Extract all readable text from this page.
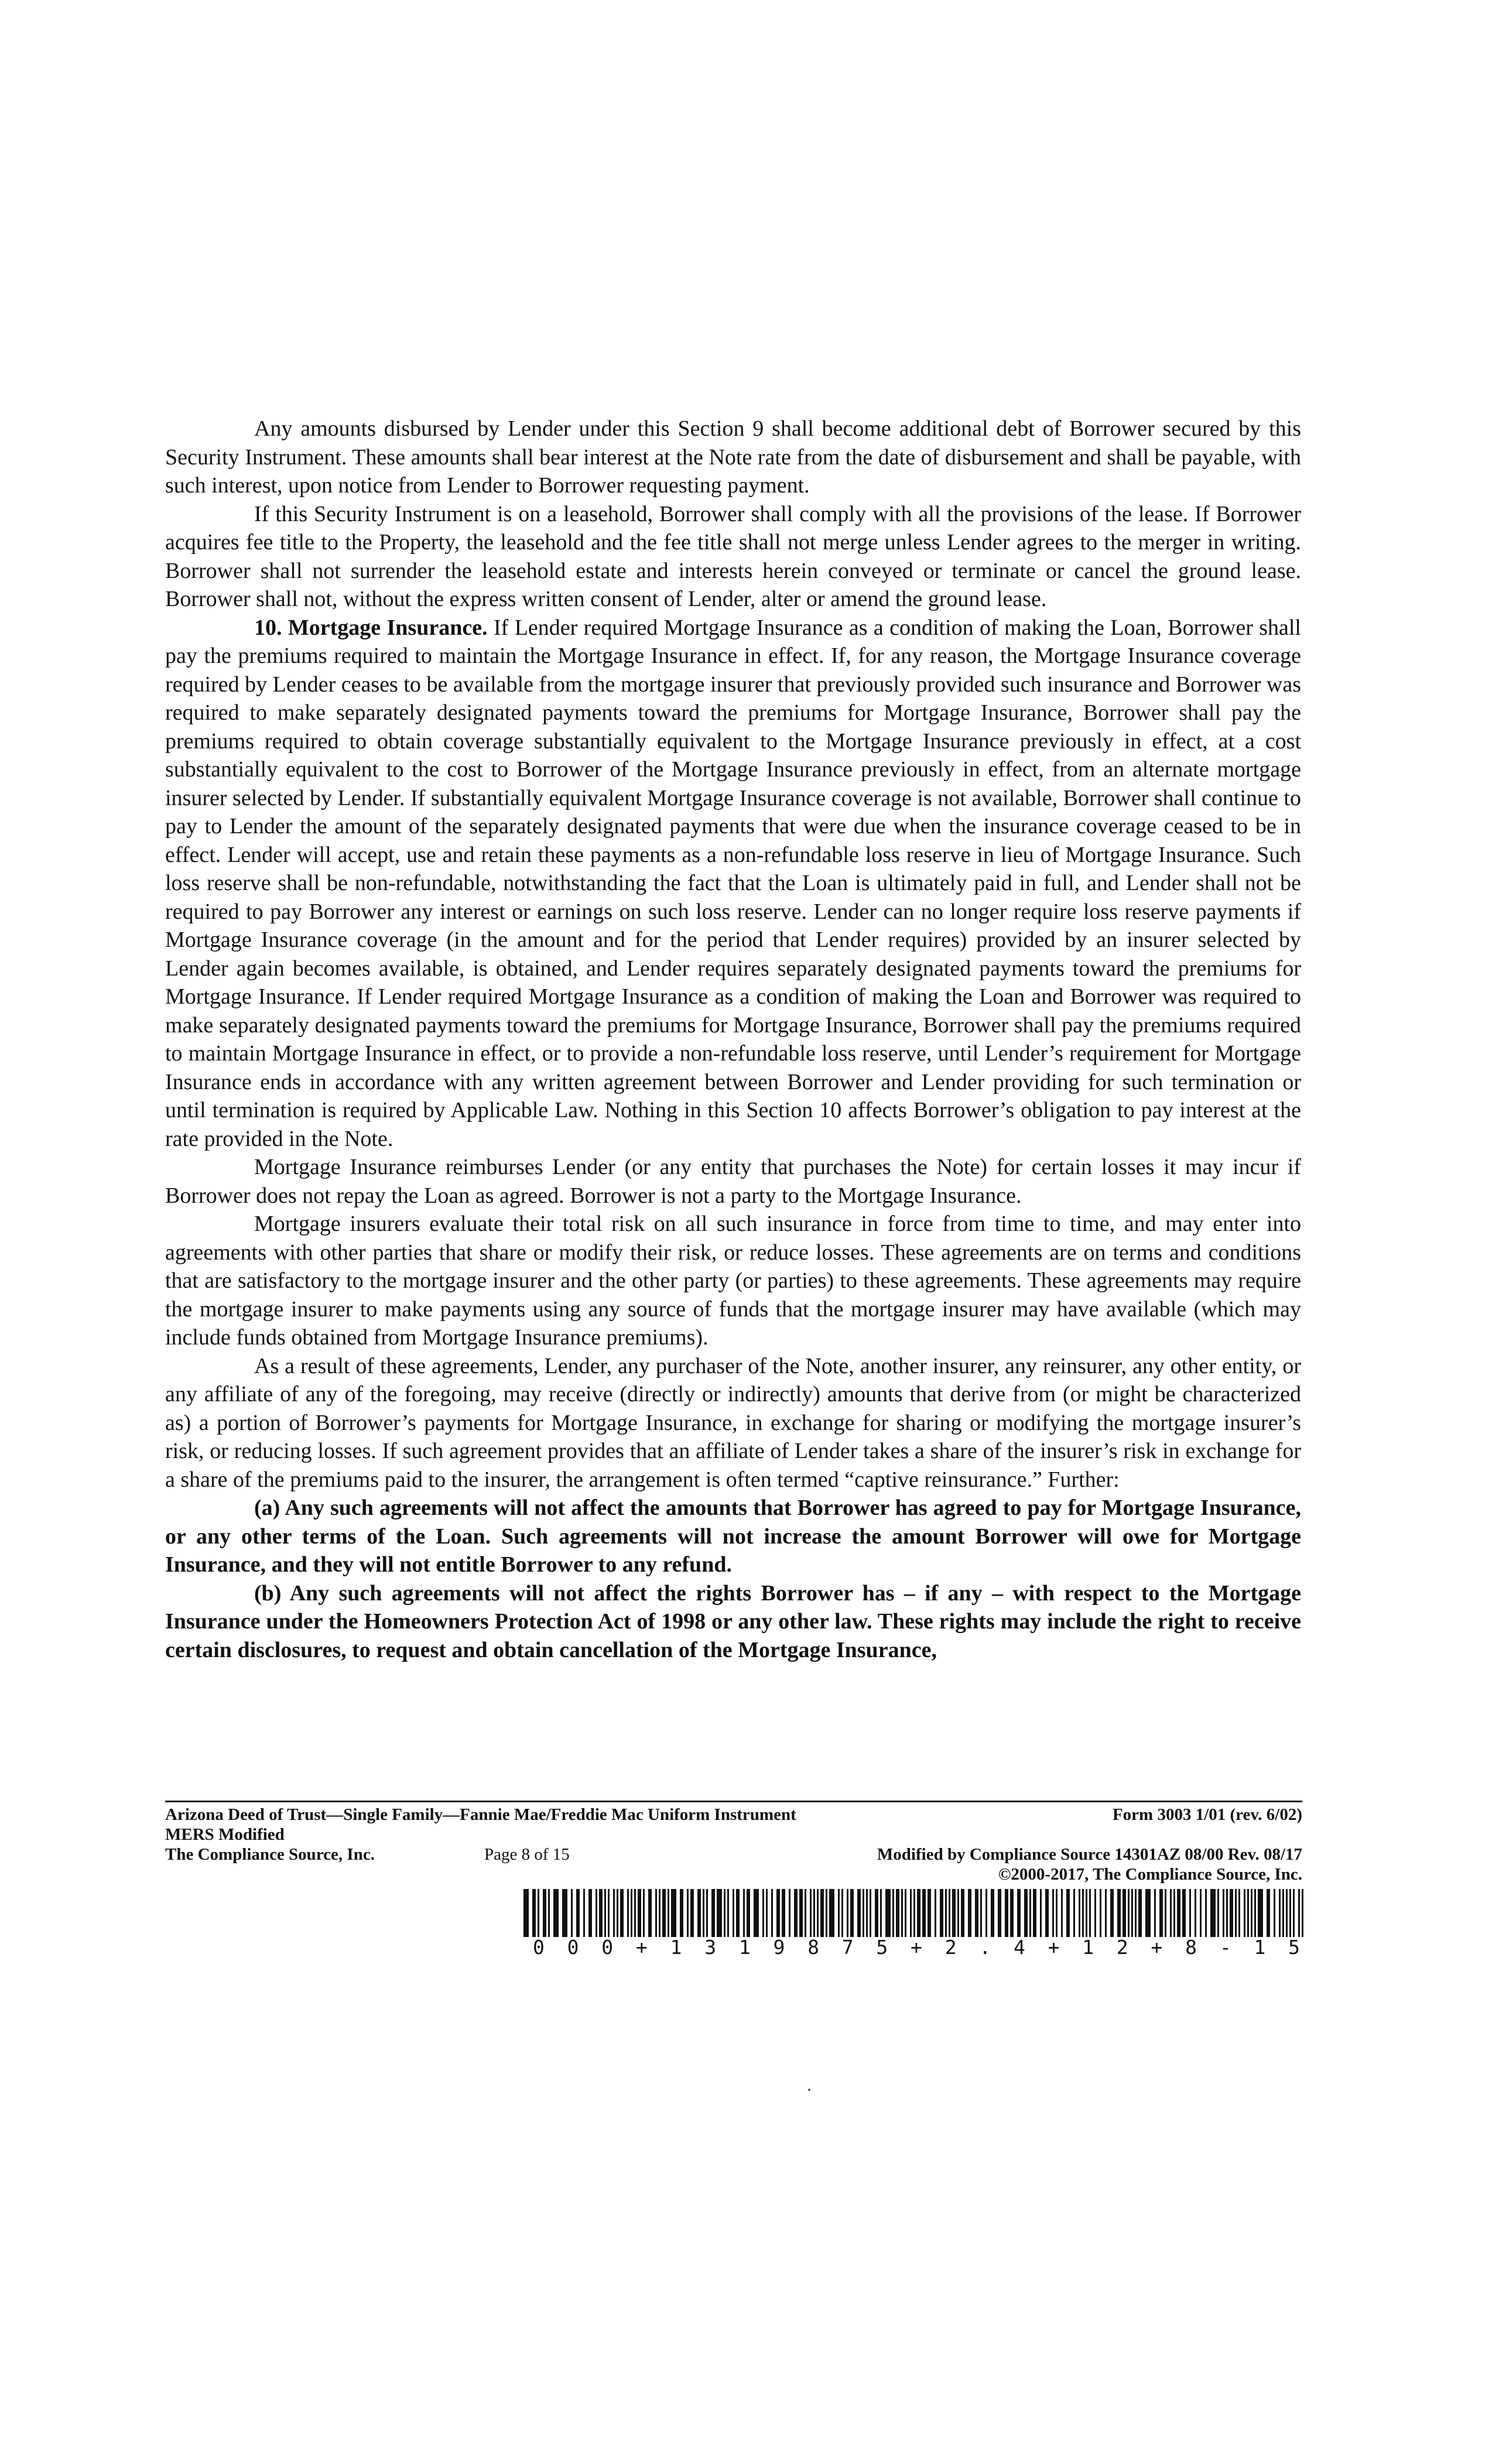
Any amounts disbursed by Lender under this Section 9 shall become additional debt of Borrower secured by this Security Instrument. These amounts shall bear interest at the Note rate from the date of disbursement and shall be payable, with such interest, upon notice from Lender to Borrower requesting payment.

If this Security Instrument is on a leasehold, Borrower shall comply with all the provisions of the lease. If Borrower acquires fee title to the Property, the leasehold and the fee title shall not merge unless Lender agrees to the merger in writing. Borrower shall not surrender the leasehold estate and interests herein conveyed or terminate or cancel the ground lease. Borrower shall not, without the express written consent of Lender, alter or amend the ground lease.

10. Mortgage Insurance. If Lender required Mortgage Insurance as a condition of making the Loan, Borrower shall pay the premiums required to maintain the Mortgage Insurance in effect. If, for any reason, the Mortgage Insurance coverage required by Lender ceases to be available from the mortgage insurer that previously provided such insurance and Borrower was required to make separately designated payments toward the premiums for Mortgage Insurance, Borrower shall pay the premiums required to obtain coverage substantially equivalent to the Mortgage Insurance previously in effect, at a cost substantially equivalent to the cost to Borrower of the Mortgage Insurance previously in effect, from an alternate mortgage insurer selected by Lender. If substantially equivalent Mortgage Insurance coverage is not available, Borrower shall continue to pay to Lender the amount of the separately designated payments that were due when the insurance coverage ceased to be in effect. Lender will accept, use and retain these payments as a non-refundable loss reserve in lieu of Mortgage Insurance. Such loss reserve shall be non-refundable, notwithstanding the fact that the Loan is ultimately paid in full, and Lender shall not be required to pay Borrower any interest or earnings on such loss reserve. Lender can no longer require loss reserve payments if Mortgage Insurance coverage (in the amount and for the period that Lender requires) provided by an insurer selected by Lender again becomes available, is obtained, and Lender requires separately designated payments toward the premiums for Mortgage Insurance. If Lender required Mortgage Insurance as a condition of making the Loan and Borrower was required to make separately designated payments toward the premiums for Mortgage Insurance, Borrower shall pay the premiums required to maintain Mortgage Insurance in effect, or to provide a non-refundable loss reserve, until Lender’s requirement for Mortgage Insurance ends in accordance with any written agreement between Borrower and Lender providing for such termination or until termination is required by Applicable Law. Nothing in this Section 10 affects Borrower’s obligation to pay interest at the rate provided in the Note.

Mortgage Insurance reimburses Lender (or any entity that purchases the Note) for certain losses it may incur if Borrower does not repay the Loan as agreed. Borrower is not a party to the Mortgage Insurance.

Mortgage insurers evaluate their total risk on all such insurance in force from time to time, and may enter into agreements with other parties that share or modify their risk, or reduce losses. These agreements are on terms and conditions that are satisfactory to the mortgage insurer and the other party (or parties) to these agreements. These agreements may require the mortgage insurer to make payments using any source of funds that the mortgage insurer may have available (which may include funds obtained from Mortgage Insurance premiums).

As a result of these agreements, Lender, any purchaser of the Note, another insurer, any reinsurer, any other entity, or any affiliate of any of the foregoing, may receive (directly or indirectly) amounts that derive from (or might be characterized as) a portion of Borrower’s payments for Mortgage Insurance, in exchange for sharing or modifying the mortgage insurer’s risk, or reducing losses. If such agreement provides that an affiliate of Lender takes a share of the insurer’s risk in exchange for a share of the premiums paid to the insurer, the arrangement is often termed “captive reinsurance.” Further:

(a) Any such agreements will not affect the amounts that Borrower has agreed to pay for Mortgage Insurance, or any other terms of the Loan. Such agreements will not increase the amount Borrower will owe for Mortgage Insurance, and they will not entitle Borrower to any refund.

(b) Any such agreements will not affect the rights Borrower has – if any – with respect to the Mortgage Insurance under the Homeowners Protection Act of 1998 or any other law. These rights may include the right to receive certain disclosures, to request and obtain cancellation of the Mortgage Insurance,

Arizona Deed of Trust—Single Family—Fannie Mae/Freddie Mac Uniform Instrument	Form 3003 1/01 (rev. 6/02)
MERS Modified
The Compliance Source, Inc.	Page 8 of 15	Modified by Compliance Source 14301AZ 08/00 Rev. 08/17
©2000-2017, The Compliance Source, Inc.
0 0 0 + 1 3 1 9 8 7 5 + 2 . 4 + 1 2 + 8 - 1 5
